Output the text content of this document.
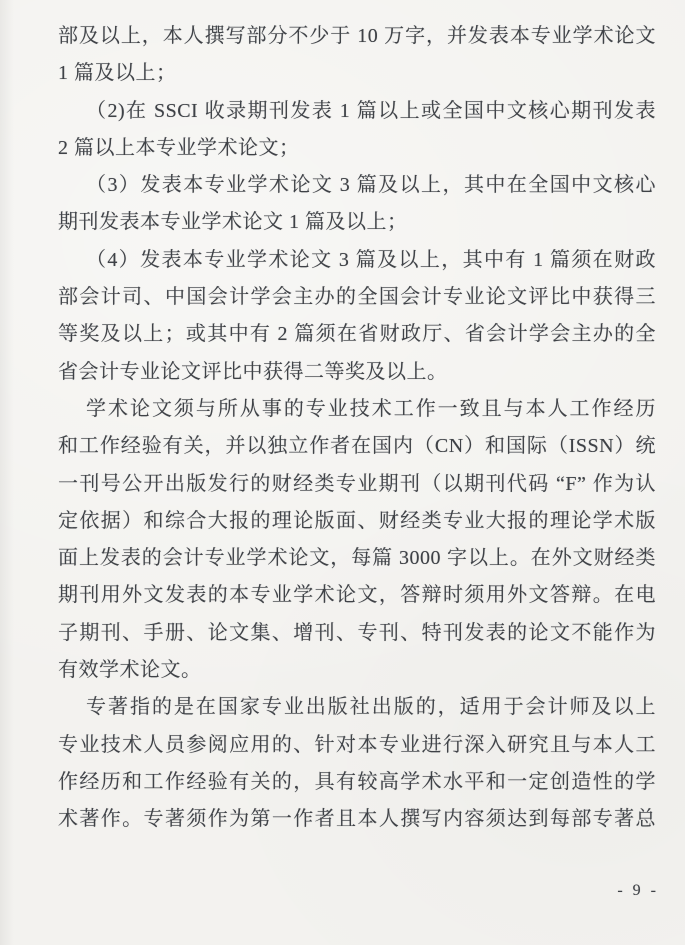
部及以上，本人撰写部分不少于 10 万字，并发表本专业学术论文
1 篇及以上；
（2)在 SSCI 收录期刊发表 1 篇以上或全国中文核心期刊发表
2 篇以上本专业学术论文；
（3）发表本专业学术论文 3 篇及以上，其中在全国中文核心
期刊发表本专业学术论文 1 篇及以上；
（4）发表本专业学术论文 3 篇及以上，其中有 1 篇须在财政
部会计司、中国会计学会主办的全国会计专业论文评比中获得三
等奖及以上；或其中有 2 篇须在省财政厅、省会计学会主办的全
省会计专业论文评比中获得二等奖及以上。
学术论文须与所从事的专业技术工作一致且与本人工作经历
和工作经验有关，并以独立作者在国内（CN）和国际（ISSN）统
一刊号公开出版发行的财经类专业期刊（以期刊代码 “F” 作为认
定依据）和综合大报的理论版面、财经类专业大报的理论学术版
面上发表的会计专业学术论文，每篇 3000 字以上。在外文财经类
期刊用外文发表的本专业学术论文，答辩时须用外文答辩。在电
子期刊、手册、论文集、增刊、专刊、特刊发表的论文不能作为
有效学术论文。
专著指的是在国家专业出版社出版的，适用于会计师及以上
专业技术人员参阅应用的、针对本专业进行深入研究且与本人工
作经历和工作经验有关的，具有较高学术水平和一定创造性的学
术著作。专著须作为第一作者且本人撰写内容须达到每部专著总
- 9 -
